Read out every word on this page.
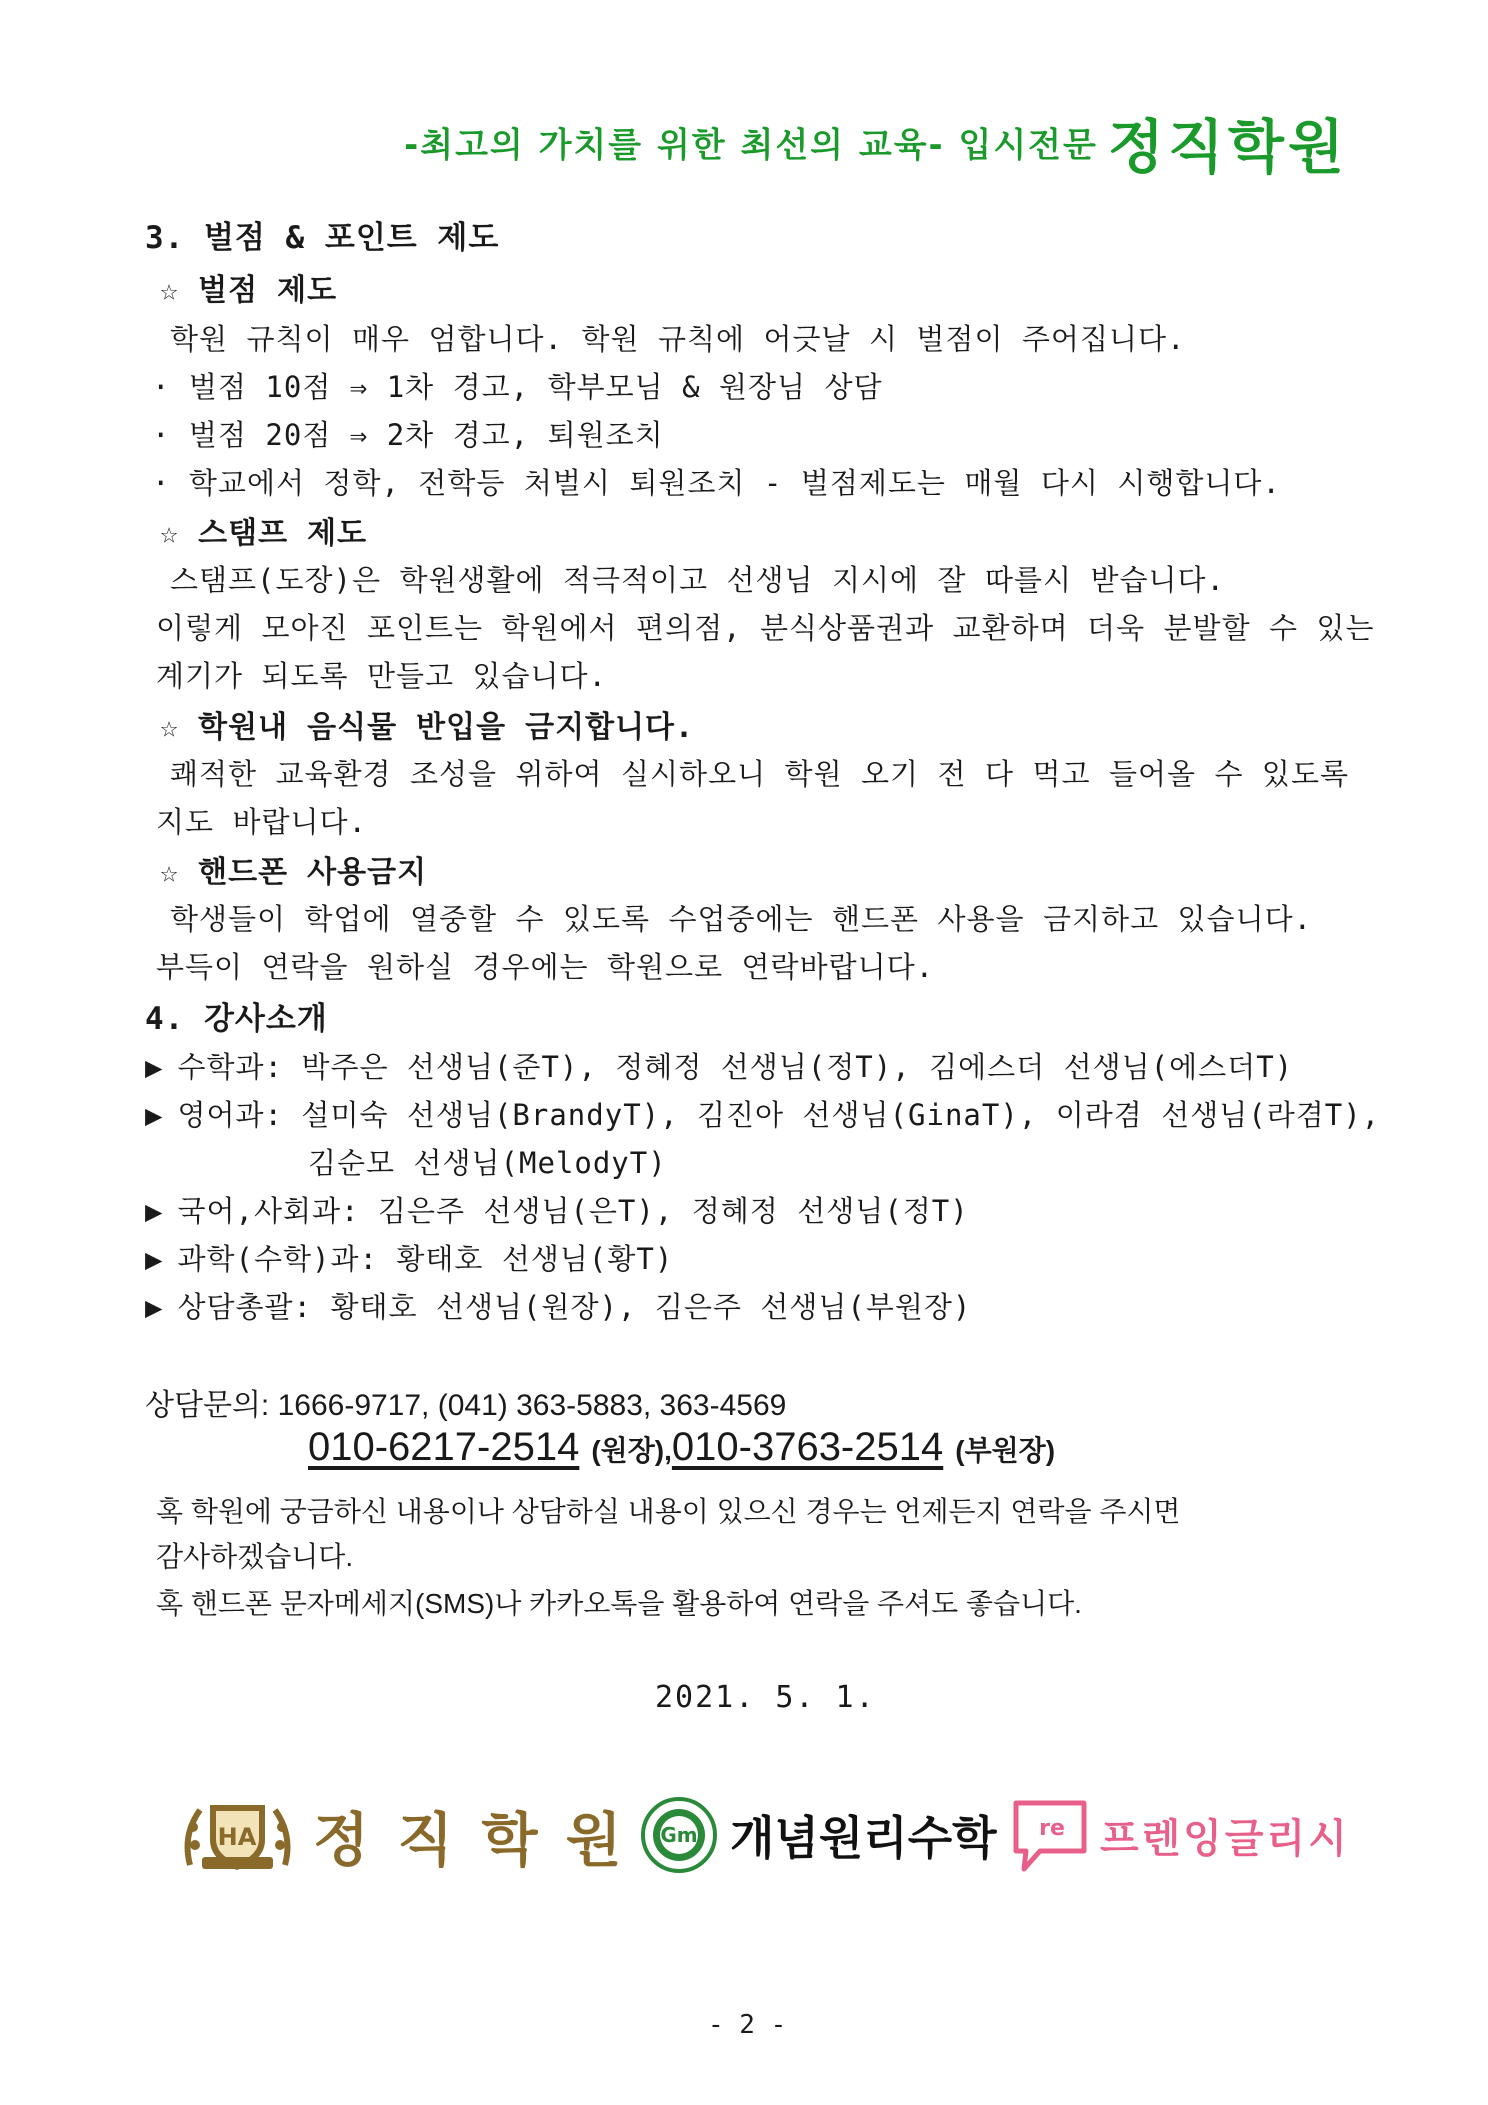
-최고의 가치를 위한 최선의 교육- 입시전문 정직학원
3. 벌점 & 포인트 제도
☆ 벌점 제도
학원 규칙이 매우 엄합니다. 학원 규칙에 어긋날 시 벌점이 주어집니다.
· 벌점 10점 ⇒ 1차 경고, 학부모님 & 원장님 상담
· 벌점 20점 ⇒ 2차 경고, 퇴원조치
· 학교에서 정학, 전학등 처벌시 퇴원조치 - 벌점제도는 매월 다시 시행합니다.
☆ 스탬프 제도
스탬프(도장)은 학원생활에 적극적이고 선생님 지시에 잘 따를시 받습니다.
이렇게 모아진 포인트는 학원에서 편의점, 분식상품권과 교환하며 더욱 분발할 수 있는
계기가 되도록 만들고 있습니다.
☆ 학원내 음식물 반입을 금지합니다.
쾌적한 교육환경 조성을 위하여 실시하오니 학원 오기 전 다 먹고 들어올 수 있도록
지도 바랍니다.
☆ 핸드폰 사용금지
학생들이 학업에 열중할 수 있도록 수업중에는 핸드폰 사용을 금지하고 있습니다.
부득이 연락을 원하실 경우에는 학원으로 연락바랍니다.
4. 강사소개
▶ 수학과: 박주은 선생님(준T), 정혜정 선생님(정T), 김에스더 선생님(에스더T)
▶ 영어과: 설미숙 선생님(BrandyT), 김진아 선생님(GinaT), 이라겸 선생님(라겸T),
김순모 선생님(MelodyT)
▶ 국어,사회과: 김은주 선생님(은T), 정혜정 선생님(정T)
▶ 과학(수학)과: 황태호 선생님(황T)
▶ 상담총괄: 황태호 선생님(원장), 김은주 선생님(부원장)
상담문의: 1666-9717, (041) 363-5883, 363-4569
010-6217-2514 (원장),010-3763-2514 (부원장)
혹 학원에 궁금하신 내용이나 상담하실 내용이 있으신 경우는 언제든지 연락을 주시면
감사하겠습니다.
혹 핸드폰 문자메세지(SMS)나 카카오톡을 활용하여 연락을 주셔도 좋습니다.
2021. 5. 1.
HA 정 직 학 원 Gm 개념원리수학 re 프렌잉글리시
- 2 -
